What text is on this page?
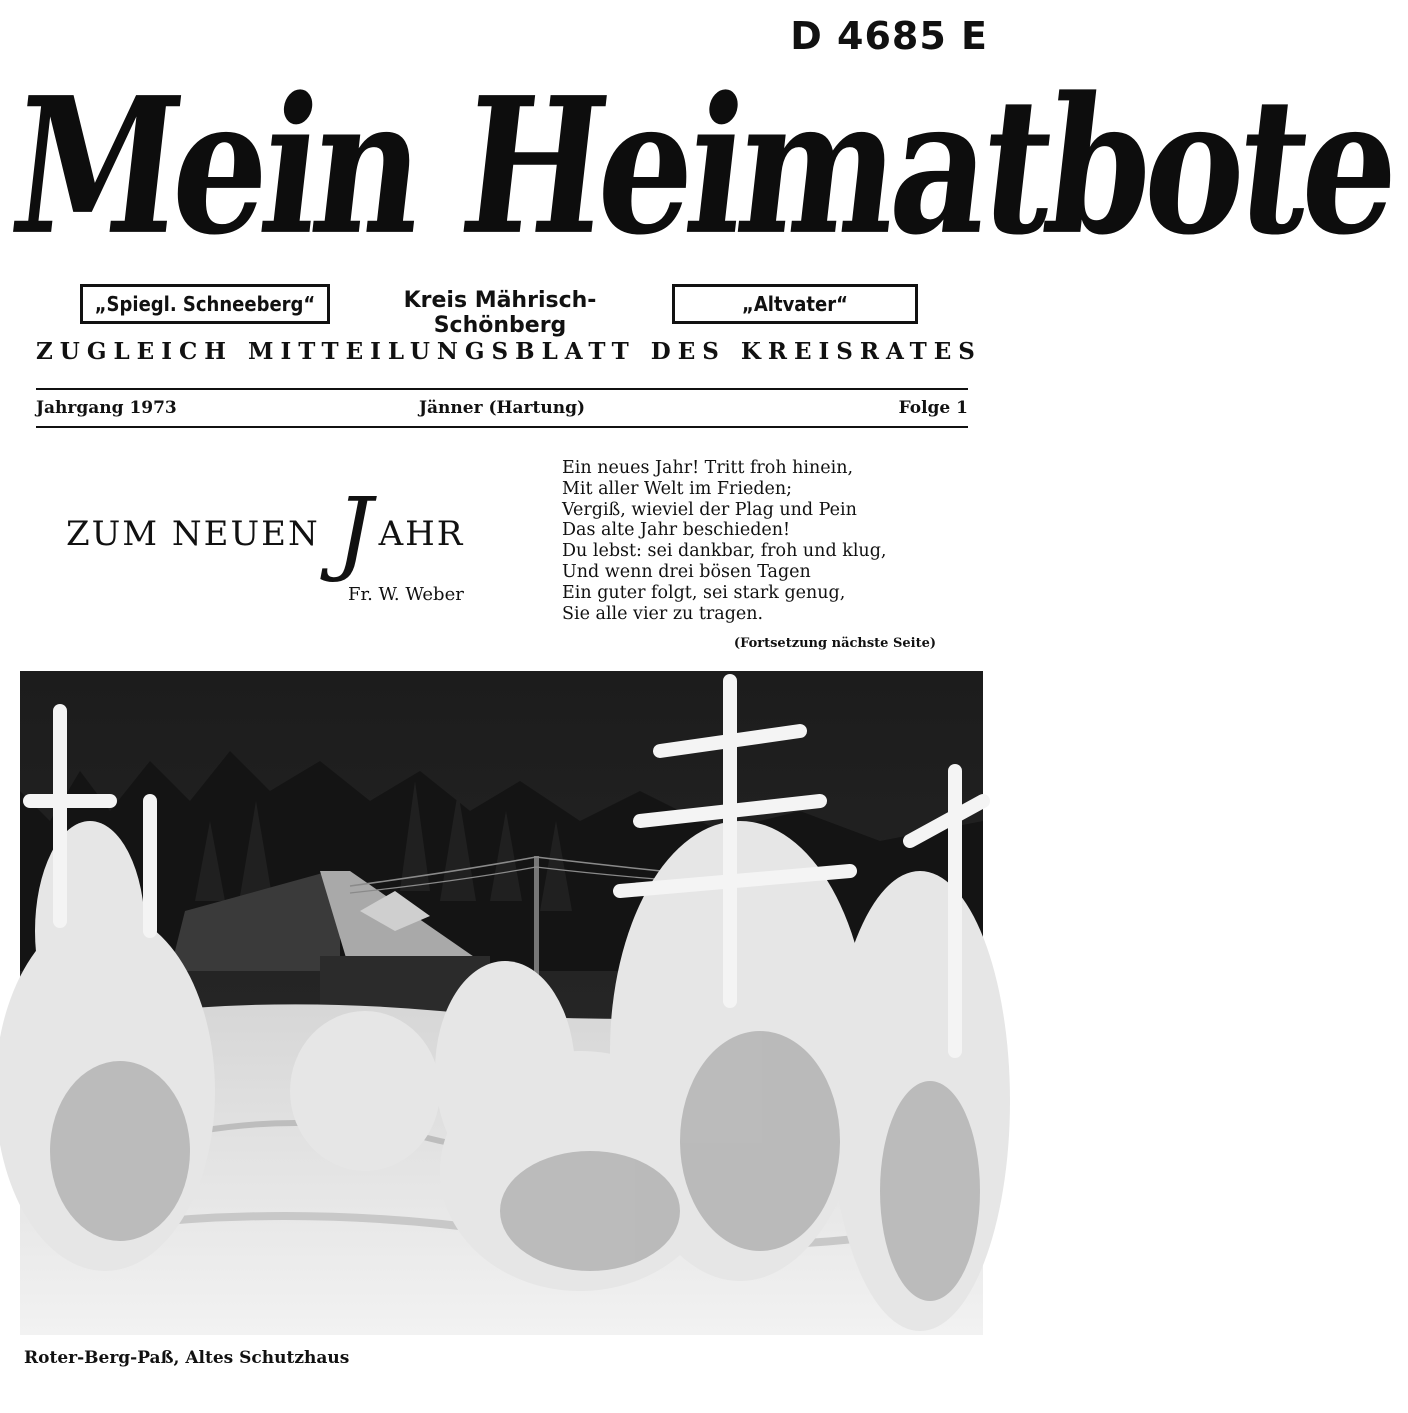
D 4685 E
Mein Heimatbote
„Spiegl. Schneeberg“	Kreis Mährisch-Schönberg
„Altvater“
ZUGLEICH MITTEILUNGSBLATT DES KREISRATES
Jahrgang 1973	Jänner (Hartung)	Folge 1
ZUM NEUEN J AHR
Fr. W. Weber
Ein neues Jahr! Tritt froh hinein,
Mit aller Welt im Frieden;
Vergiß, wieviel der Plag und Pein
Das alte Jahr beschieden!
Du lebst: sei dankbar, froh und klug,
Und wenn drei bösen Tagen
Ein guter folgt, sei stark genug,
Sie alle vier zu tragen.
(Fortsetzung nächste Seite)
Roter-Berg-Paß, Altes Schutzhaus
